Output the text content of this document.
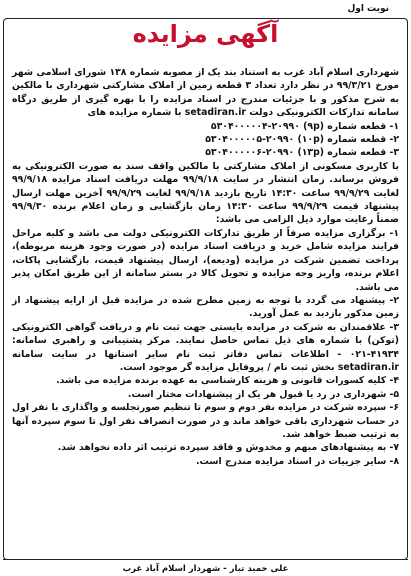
نوبت اول
آگهی مزایده

شهرداری اسلام آباد غرب به استناد بند یک از مصوبه شماره ۱۳۸ شورای اسلامی شهر مورخ ۹۹/۳/۲۱ در نظر دارد تعداد ۳ قطعه زمین از املاک مشارکتی شهرداری با مالکین به شرح مذکور و با جزئیات مندرج در اسناد مزایده را با بهره گیری از طریق درگاه سامانه تدارکات الکترونیکی دولت setadiran.ir با شماره مزایده های

۱- قطعه شماره (۹p) ۵۳۰۴۰۰۰۰۰۴-۲۰۹۹۰
۲- قطعه شماره (۱۰p) ۵۳۰۴۰۰۰۰۰۵-۲۰۹۹۰
۳- قطعه شماره (۱۳p) ۵۳۰۴۰۰۰۰۰۶-۲۰۹۹۰

با کاربری مسکونی از املاک مشارکتی با مالکین واقف سند به صورت الکترونیکی به فروش برساند. زمان انتشار در سایت ۹۹/۹/۱۸ مهلت دریافت اسناد مزایده ۹۹/۹/۱۸ لغایت ۹۹/۹/۲۹ ساعت ۱۴:۳۰ تاریخ بازدید ۹۹/۹/۱۸ لغایت ۹۹/۹/۲۹ آخرین مهلت ارسال پیشنهاد قیمت ۹۹/۹/۲۹ ساعت ۱۴:۳۰ زمان بازگشایی و زمان اعلام برنده ۹۹/۹/۳۰ ضمناً رعایت موارد ذیل الزامی می باشد:

۱- برگزاری مزایده صرفاً از طریق تدارکات الکترونیکی دولت می باشد و کلیه مراحل فرایند مزایده شامل خرید و دریافت اسناد مزایده (در صورت وجود هزینه مربوطه)، پرداخت تضمین شرکت در مزایده (ودیعه)، ارسال پیشنهاد قیمت، بازگشایی پاکات، اعلام برنده، واریز وجه مزایده و تحویل کالا در بستر سامانه از این طریق امکان پذیر می باشد.
۲- پیشنهاد می گردد با توجه به زمین مطرح شده در مزایده قبل از ارایه پیشنهاد از زمین مذکور بازدید به عمل آورید.
۳- علاقمندان به شرکت در مزایده بایستی جهت ثبت نام و دریافت گواهی الکترونیکی (توکن) با شماره های ذیل تماس حاصل نمایند. مرکز پشتیبانی و راهبری سامانه: ۴۱۹۳۴-۰۲۱ - اطلاعات تماس دفاتر ثبت نام سایر استانها در سایت سامانه setadiran.ir بخش ثبت نام / پروفایل مزایده گر موجود است.
۴- کلیه کسورات قانونی و هزینه کارشناسی به عهده برنده مزایده می باشد.
۵- شهرداری در رد یا قبول هر یک از پیشنهادات مختار است.
۶- سپرده شرکت در مزایده نفر دوم و سوم تا تنظیم صورتجلسه و واگذاری با نفر اول در حساب شهرداری باقی خواهد ماند و در صورت انصراف نفر اول تا سوم سپرده آنها به ترتیب ضبط خواهد شد.
۷- به پیشنهادهای مبهم و مخدوش و فاقد سپرده ترتیب اثر داده نخواهد شد.
۸- سایر جزییات در اسناد مزایده مندرج است.
علی حمید تبار - شهردار اسلام آباد غرب
